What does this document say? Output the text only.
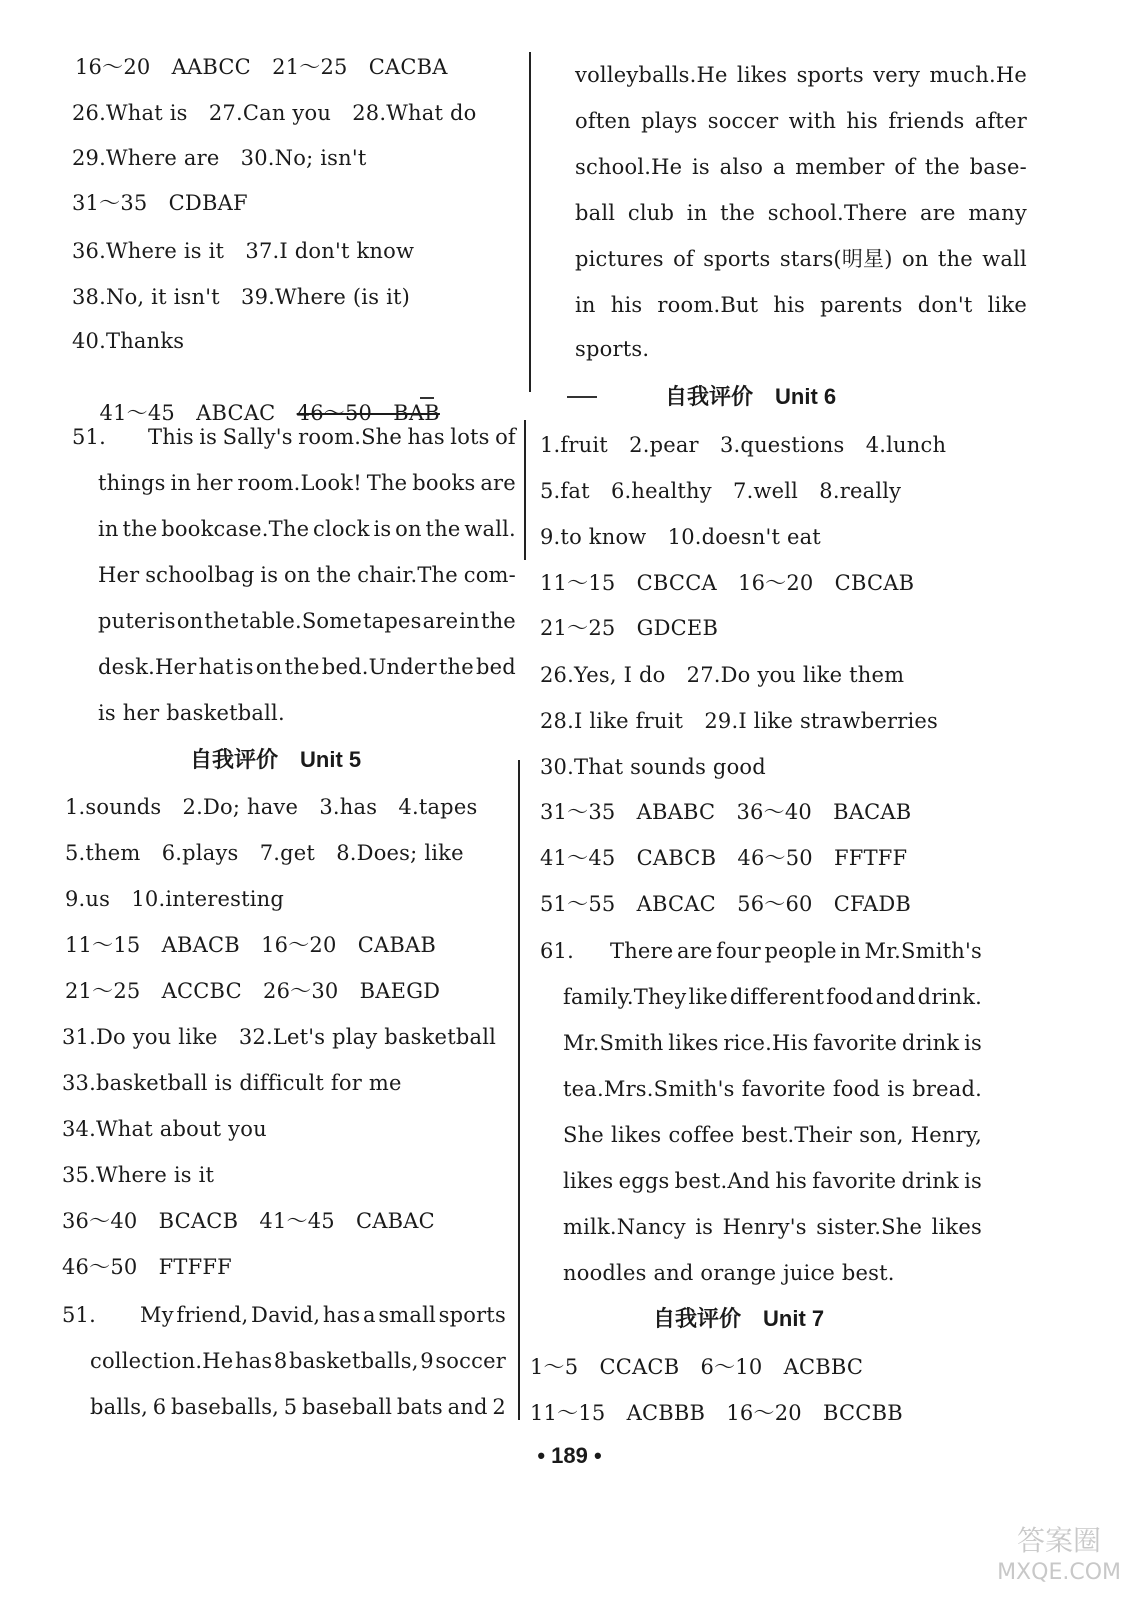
16～20　AABCC　21～25　CACBA
26.What is　27.Can you　28.What do
29.Where are　30.No; isn't
31～35　CDBAF
36.Where is it　37.I don't know
38.No, it isn't　39.Where (is it)
40.Thanks

41～45　ABCAC　46～50　BAB

51. This is Sally's room.She has lots of
things in her room.Look! The books are
in the bookcase.The clock is on the wall.
Her schoolbag is on the chair.The com-
puter is on the table.Some tapes are in the
desk.Her hat is on the bed.Under the bed
is her basketball.
自我评价　Unit 5
1.sounds　2.Do; have　3.has　4.tapes
5.them　6.plays　7.get　8.Does; like
9.us　10.interesting
11～15　ABACB　16～20　CABAB
21～25　ACCBC　26～30　BAEGD
31.Do you like　32.Let's play basketball
33.basketball is difficult for me
34.What about you
35.Where is it
36～40　BCACB　41～45　CABAC
46～50　FTFFF
51. My friend, David, has a small sports
collection.He has 8 basketballs, 9 soccer
balls, 6 baseballs, 5 baseball bats and 2
volleyballs.He likes sports very much.He
often plays soccer with his friends after
school.He is also a member of the base-
ball club in the school.There are many
pictures of sports stars(明星) on the wall
in his room.But his parents don't like
sports.
自我评价　Unit 6
1.fruit　2.pear　3.questions　4.lunch
5.fat　6.healthy　7.well　8.really
9.to know　10.doesn't eat
11～15　CBCCA　16～20　CBCAB
21～25　GDCEB
26.Yes, I do　27.Do you like them
28.I like fruit　29.I like strawberries
30.That sounds good
31～35　ABABC　36～40　BACAB
41～45　CABCB　46～50　FFTFF
51～55　ABCAC　56～60　CFADB
61. There are four people in Mr.Smith's
family.They like different food and drink.
Mr.Smith likes rice.His favorite drink is
tea.Mrs.Smith's favorite food is bread.
She likes coffee best.Their son, Henry,
likes eggs best.And his favorite drink is
milk.Nancy is Henry's sister.She likes
noodles and orange juice best.
自我评价　Unit 7
1～5　CCACB　6～10　ACBBC
11～15　ACBBB　16～20　BCCBB
• 189 •
答案圈
MXQE.COM
